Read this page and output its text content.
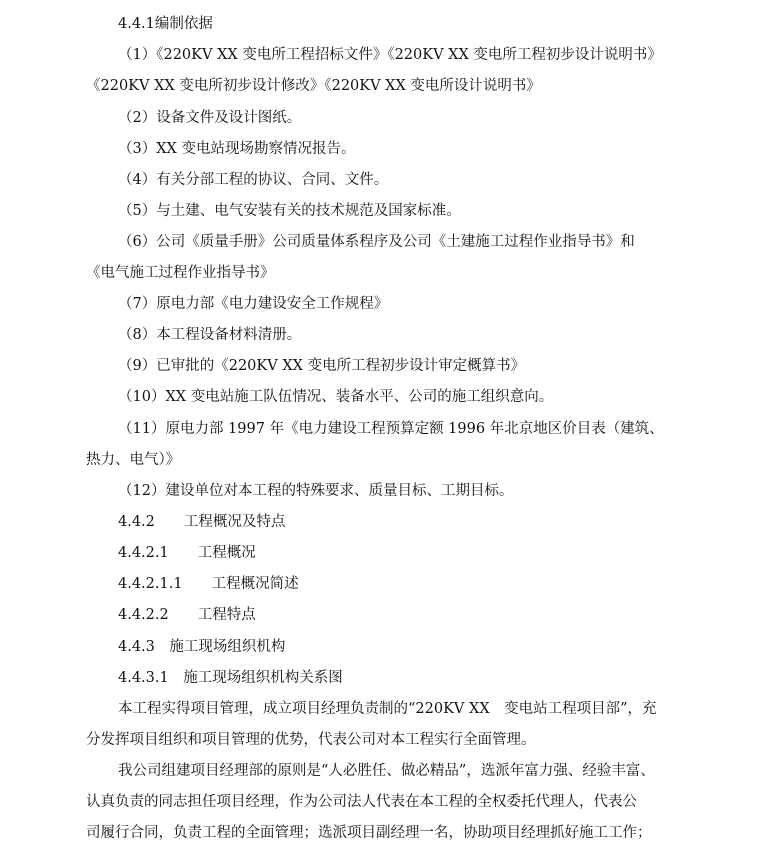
4.4.1编制依据
（1）《220KV XX 变电所工程招标文件》《220KV XX 变电所工程初步设计说明书》
《220KV XX 变电所初步设计修改》《220KV XX 变电所设计说明书》
（2）设备文件及设计图纸。
（3）XX 变电站现场勘察情况报告。
（4）有关分部工程的协议、合同、文件。
（5）与土建、电气安装有关的技术规范及国家标准。
（6）公司《质量手册》公司质量体系程序及公司《土建施工过程作业指导书》和
《电气施工过程作业指导书》
（7）原电力部《电力建设安全工作规程》
（8）本工程设备材料清册。
（9）已审批的《220KV XX 变电所工程初步设计审定概算书》
（10）XX 变电站施工队伍情况、装备水平、公司的施工组织意向。
（11）原电力部 1997 年《电力建设工程预算定额 1996 年北京地区价目表（建筑、
热力、电气）》
（12）建设单位对本工程的特殊要求、质量目标、工期目标。
4.4.2　　工程概况及特点
4.4.2.1　　工程概况
4.4.2.1.1　　工程概况简述
4.4.2.2　　工程特点
4.4.3　施工现场组织机构
4.4.3.1　施工现场组织机构关系图
本工程实得项目管理，成立项目经理负责制的“220KV XX　变电站工程项目部”，充
分发挥项目组织和项目管理的优势，代表公司对本工程实行全面管理。
我公司组建项目经理部的原则是“人必胜任、做必精品”，选派年富力强、经验丰富、
认真负责的同志担任项目经理，作为公司法人代表在本工程的全权委托代理人，代表公
司履行合同，负责工程的全面管理；选派项目副经理一名，协助项目经理抓好施工工作；
